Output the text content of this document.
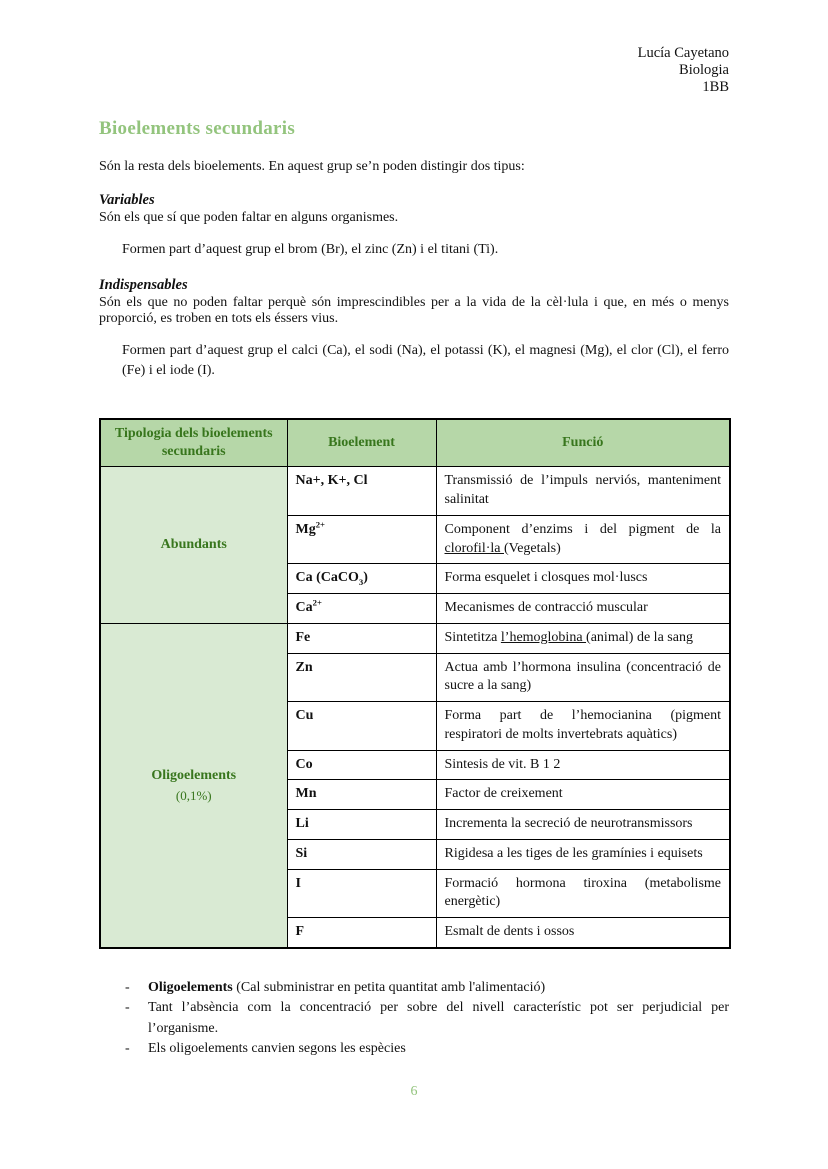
Lucía Cayetano
Biologia
1BB
Bioelements secundaris

Són la resta dels bioelements. En aquest grup se’n poden distingir dos tipus:

Variables

Són els que sí que poden faltar en alguns organismes.

Formen part d’aquest grup el brom (Br), el zinc (Zn) i el titani (Ti).

Indispensables

Són els que no poden faltar perquè són imprescindibles per a la vida de la cèl·lula i que, en més o menys proporció, es troben en tots els éssers vius.

Formen part d’aquest grup el calci (Ca), el sodi (Na), el potassi (K), el magnesi (Mg), el clor (Cl), el ferro (Fe) i el iode (I).

Tipologia dels bioelements secundaris	Bioelement	Funció

Abundants	Na+, K+, Cl	Transmissió de l’impuls nerviós, manteniment salinitat
	$Mg^{2+}$	Component d’enzims i del pigment de la clorofil·la (Vegetals)
	Ca (CaCO$_3$)	Forma esquelet i closques mol·luscs
	$Ca^{2+}$	Mecanismes de contracció muscular

Oligoelements
(0,1%)	Fe	Sintetitza l’hemoglobina (animal) de la sang
	Zn	Actua amb l’hormona insulina (concentració de sucre a la sang)
	Cu	Forma part de l’hemocianina (pigment respiratori de molts invertebrats aquàtics)
	Co	Sintesis de vit. B 1 2
	Mn	Factor de creixement
	Li	Incrementa la secreció de neurotransmissors
	Si	Rigidesa a les tiges de les gramínies i equisets
	I	Formació hormona tiroxina (metabolisme energètic)
	F	Esmalt de dents i ossos
-	Oligoelements (Cal subministrar en petita quantitat amb l'alimentació)
-	Tant l’absència com la concentració per sobre del nivell característic pot ser perjudicial per l’organisme.
-	Els oligoelements canvien segons les espècies
6
